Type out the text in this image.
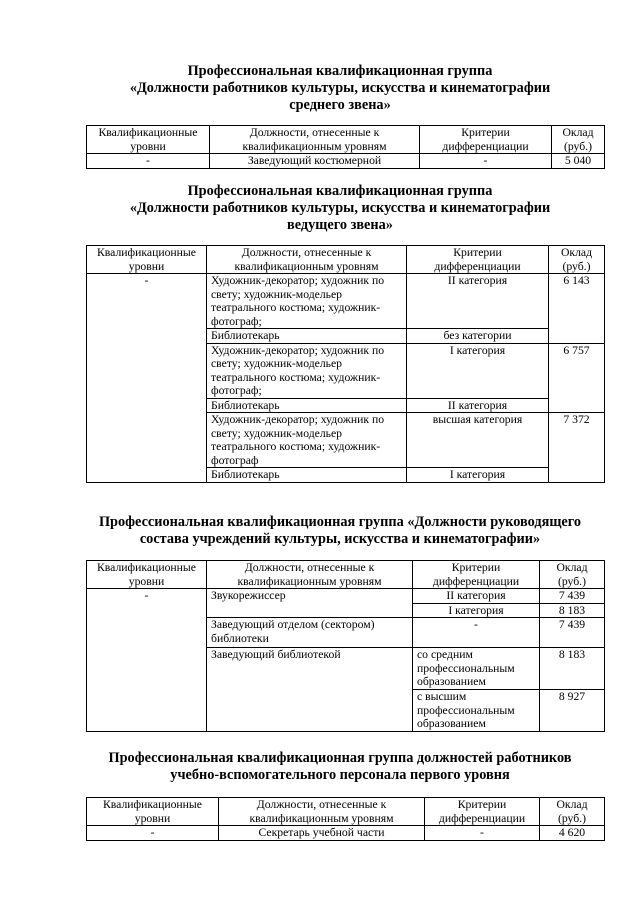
Профессиональная квалификационная группа
«Должности работников культуры, искусства и кинематографии
среднего звена»
Квалификационные уровни	Должности, отнесенные к квалификационным уровням	Критерии дифференциации	Оклад (руб.)
-	Заведующий костюмерной	-	5 040
Профессиональная квалификационная группа
«Должности работников культуры, искусства и кинематографии
ведущего звена»
Квалификационные уровни	Должности, отнесенные к квалификационным уровням	Критерии дифференциации	Оклад (руб.)
-	Художник-декоратор; художник по свету; художник-модельер театрального костюма; художник-фотограф;	II категория	6 143
	Библиотекарь	без категории	
	Художник-декоратор; художник по свету; художник-модельер театрального костюма; художник-фотограф;	I категория	6 757
	Библиотекарь	II категория	
	Художник-декоратор; художник по свету; художник-модельер театрального костюма; художник-фотограф	высшая категория	7 372
	Библиотекарь	I категория	
Профессиональная квалификационная группа «Должности руководящего
состава учреждений культуры, искусства и кинематографии»
Квалификационные уровни	Должности, отнесенные к квалификационным уровням	Критерии дифференциации	Оклад (руб.)
-	Звукорежиссер	II категория	7 439
		I категория	8 183
	Заведующий отделом (сектором) библиотеки	-	7 439
	Заведующий библиотекой	со средним профессиональным образованием	8 183
		с высшим профессиональным образованием	8 927
Профессиональная квалификационная группа должностей работников
учебно-вспомогательного персонала первого уровня
Квалификационные уровни	Должности, отнесенные к квалификационным уровням	Критерии дифференциации	Оклад (руб.)
-	Секретарь учебной части	-	4 620
